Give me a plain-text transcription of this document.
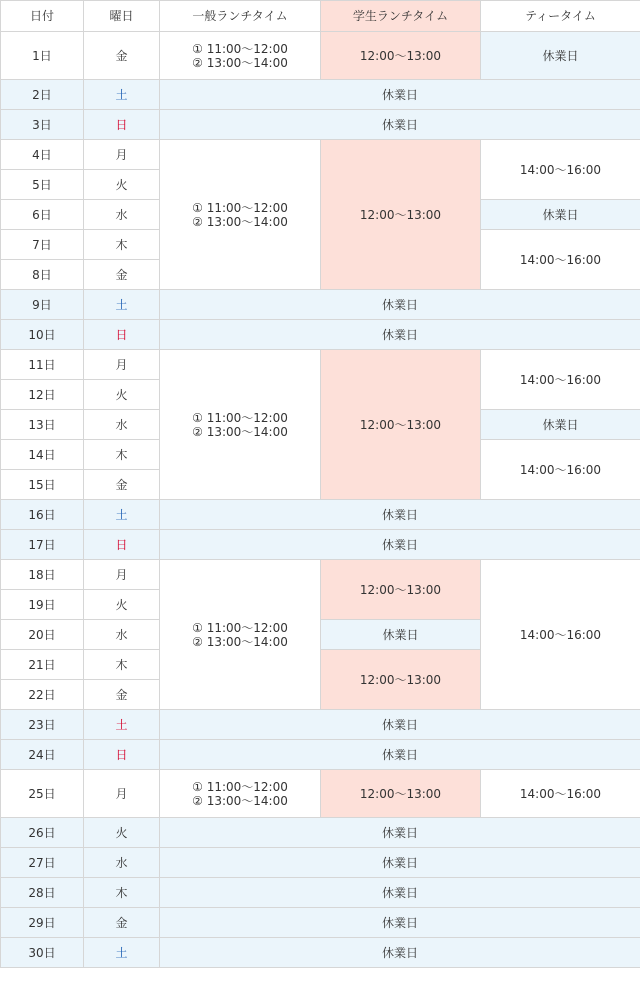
日付	曜日	一般ランチタイム	学生ランチタイム	ティータイム
1日	金	① 11:00〜12:00
② 13:00〜14:00	12:00〜13:00	休業日
2日	土	休業日		
3日	日	休業日		
4日	月	① 11:00〜12:00
② 13:00〜14:00	12:00〜13:00	14:00〜16:00
5日	火			
6日	水			休業日
7日	木			14:00〜16:00
8日	金			
9日	土	休業日		
10日	日	休業日		
11日	月	① 11:00〜12:00
② 13:00〜14:00	12:00〜13:00	14:00〜16:00
12日	火			
13日	水			休業日
14日	木			14:00〜16:00
15日	金			
16日	土	休業日		
17日	日	休業日		
18日	月	① 11:00〜12:00
② 13:00〜14:00	12:00〜13:00	14:00〜16:00
19日	火			
20日	水		休業日	
21日	木		12:00〜13:00	
22日	金			
23日	土	休業日		
24日	日	休業日		
25日	月	① 11:00〜12:00
② 13:00〜14:00	12:00〜13:00	14:00〜16:00
26日	火	休業日		
27日	水	休業日		
28日	木	休業日		
29日	金	休業日		
30日	土	休業日		
